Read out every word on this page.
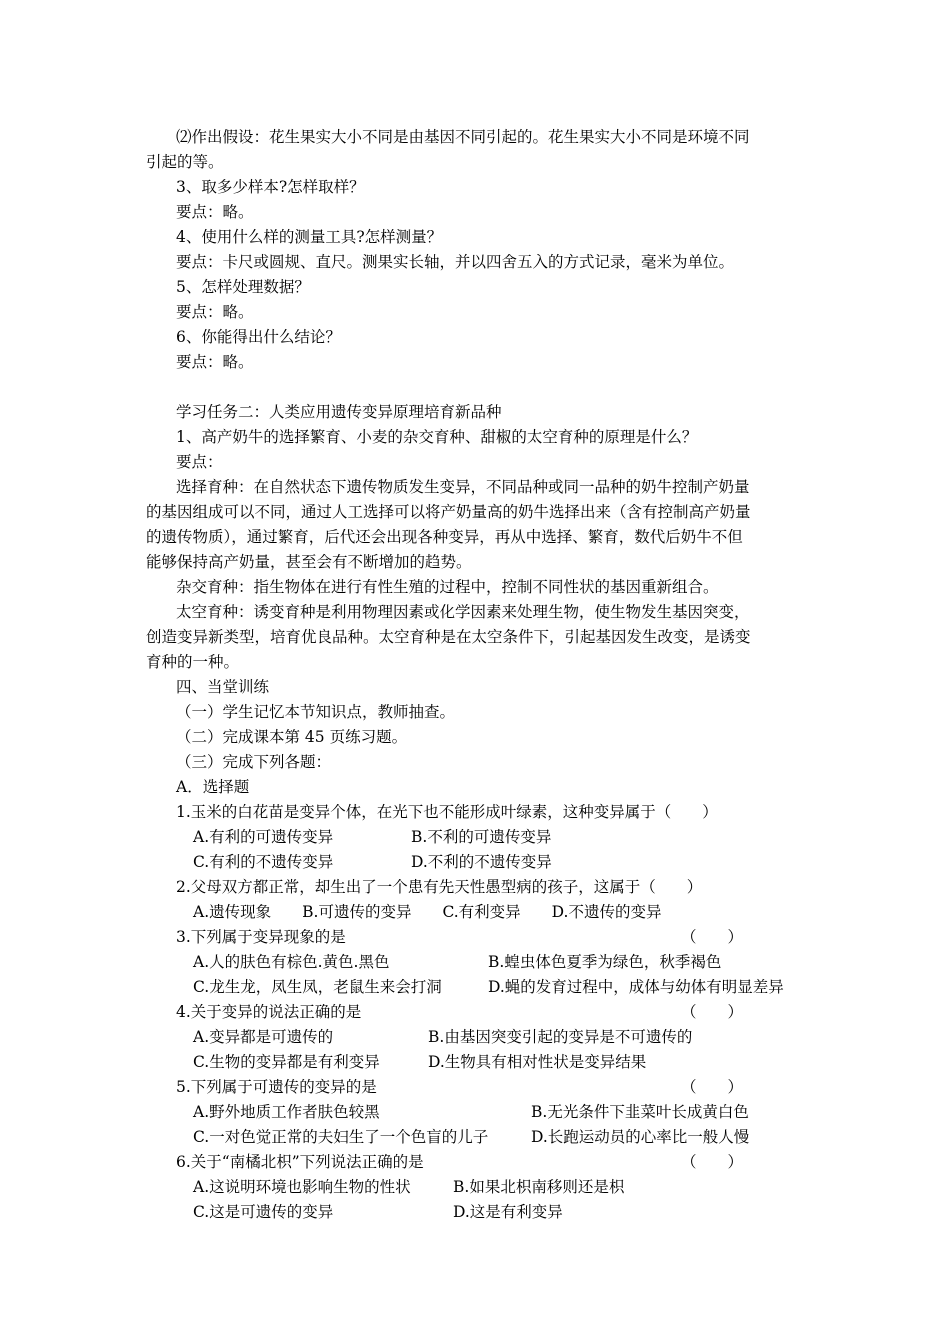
⑵作出假设：花生果实大小不同是由基因不同引起的。花生果实大小不同是环境不同
引起的等。
3、取多少样本?怎样取样？
要点：略。
4、使用什么样的测量工具?怎样测量？
要点：卡尺或圆规、直尺。测果实长轴，并以四舍五入的方式记录，毫米为单位。
5、怎样处理数据？
要点：略。
6、你能得出什么结论？
要点：略。
学习任务二：人类应用遗传变异原理培育新品种
1、高产奶牛的选择繁育、小麦的杂交育种、甜椒的太空育种的原理是什么？
要点：
选择育种：在自然状态下遗传物质发生变异，不同品种或同一品种的奶牛控制产奶量
的基因组成可以不同，通过人工选择可以将产奶量高的奶牛选择出来（含有控制高产奶量
的遗传物质），通过繁育，后代还会出现各种变异，再从中选择、繁育，数代后奶牛不但
能够保持高产奶量，甚至会有不断增加的趋势。
杂交育种：指生物体在进行有性生殖的过程中，控制不同性状的基因重新组合。
太空育种：诱变育种是利用物理因素或化学因素来处理生物，使生物发生基因突变，
创造变异新类型，培育优良品种。太空育种是在太空条件下，引起基因发生改变，是诱变
育种的一种。
四、当堂训练
（一）学生记忆本节知识点，教师抽查。
（二）完成课本第 45 页练习题。
（三）完成下列各题：
A．选择题
1.玉米的白花苗是变异个体，在光下也不能形成叶绿素，这种变异属于（　　）
A.有利的可遗传变异	B.不利的可遗传变异
C.有利的不遗传变异	D.不利的不遗传变异
2.父母双方都正常，却生出了一个患有先天性愚型病的孩子，这属于（　　）
A.遗传现象　　B.可遗传的变异　　C.有利变异　　D.不遗传的变异
3.下列属于变异现象的是	（　　）
A.人的肤色有棕色.黄色.黑色	B.蝗虫体色夏季为绿色，秋季褐色
C.龙生龙，凤生凤，老鼠生来会打洞	D.蝇的发育过程中，成体与幼体有明显差异
4.关于变异的说法正确的是	（　　）
A.变异都是可遗传的	B.由基因突变引起的变异是不可遗传的
C.生物的变异都是有利变异	D.生物具有相对性状是变异结果
5.下列属于可遗传的变异的是	（　　）
A.野外地质工作者肤色较黑	B.无光条件下韭菜叶长成黄白色
C.一对色觉正常的夫妇生了一个色盲的儿子	D.长跑运动员的心率比一般人慢
6.关于“南橘北枳”下列说法正确的是	（　　）
A.这说明环境也影响生物的性状	B.如果北枳南移则还是枳
C.这是可遗传的变异	D.这是有利变异
